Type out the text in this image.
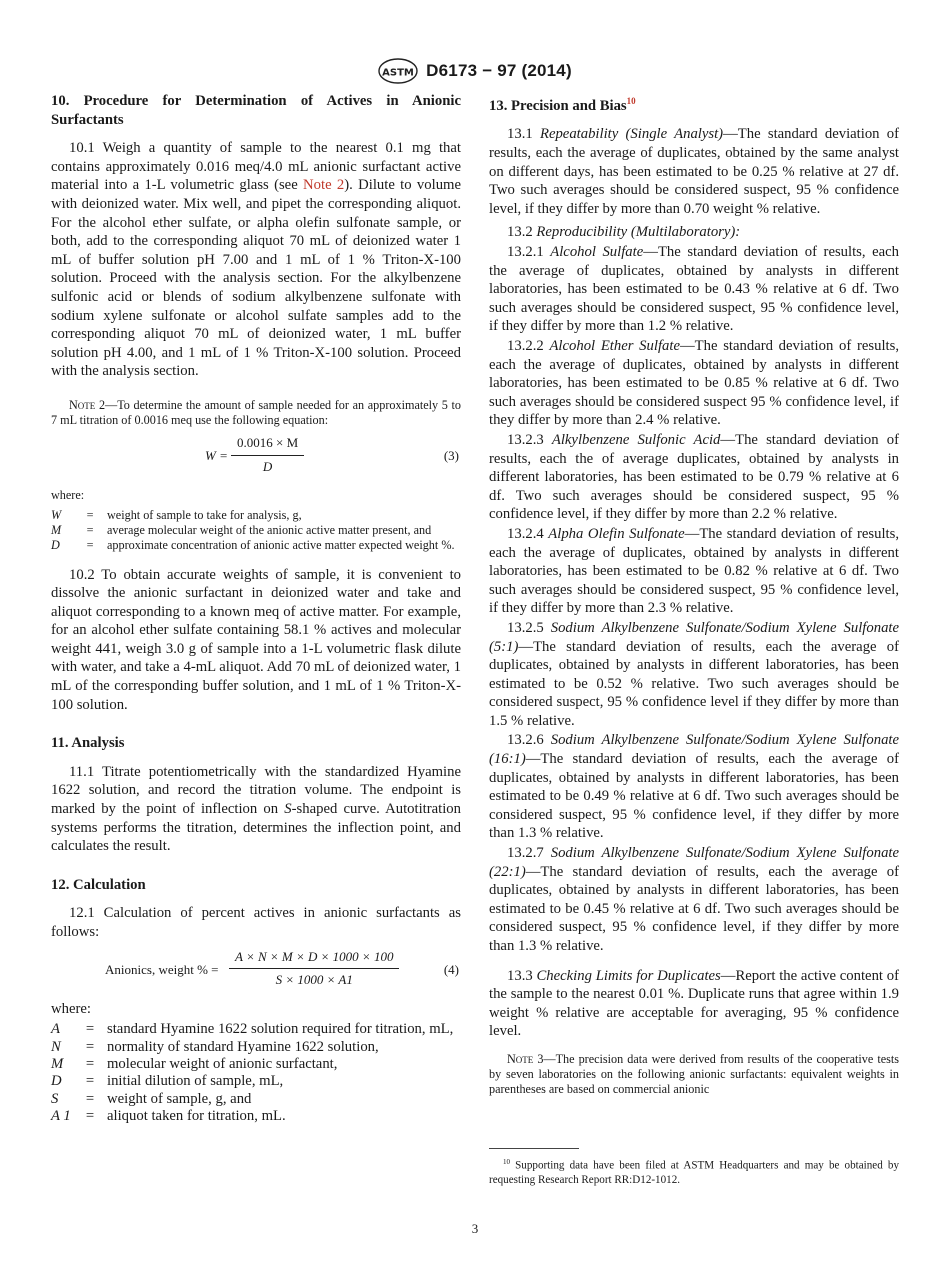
ASTM D6173 − 97 (2014)
10. Procedure for Determination of Actives in Anionic Surfactants

10.1 Weigh a quantity of sample to the nearest 0.1 mg that contains approximately 0.016 meq/4.0 mL anionic surfactant active material into a 1-L volumetric glass (see Note 2). Dilute to volume with deionized water. Mix well, and pipet the corresponding aliquot. For the alcohol ether sulfate, or alpha olefin sulfonate sample, or both, add to the corresponding aliquot 70 mL of deionized water 1 mL of buffer solution pH 7.00 and 1 mL of 1 % Triton-X-100 solution. Proceed with the analysis section. For the alkylbenzene sulfonic acid or blends of sodium alkylbenzene sulfonate with sodium xylene sulfonate or alcohol sulfate samples add to the corresponding aliquot 70 mL of deionized water, 1 mL buffer solution pH 4.00, and 1 mL of 1 % Triton-X-100 solution. Proceed with the analysis section.

Note 2—To determine the amount of sample needed for an approximately 5 to 7 mL titration of 0.0016 meq use the following equation:

$W = \frac{0.0016 \times M}{D}$	(3)
where:
W	=	weight of sample to take for analysis, g,
M	=	average molecular weight of the anionic active matter present, and
D	=	approximate concentration of anionic active matter expected weight %.

10.2 To obtain accurate weights of sample, it is convenient to dissolve the anionic surfactant in deionized water and take and aliquot corresponding to a known meq of active matter. For example, for an alcohol ether sulfate containing 58.1 % actives and molecular weight 441, weigh 3.0 g of sample into a 1-L volumetric flask dilute with water, and take a 4-mL aliquot. Add 70 mL of deionized water, 1 mL of the corresponding buffer solution, and 1 mL of 1 % Triton-X-100 solution.

11. Analysis

11.1 Titrate potentiometrically with the standardized Hyamine 1622 solution, and record the titration volume. The endpoint is marked by the point of inflection on S-shaped curve. Autotitration systems performs the titration, determines the inflection point, and calculates the result.

12. Calculation

12.1 Calculation of percent actives in anionic surfactants as follows:

Anionics, weight % = $\frac{A \times N \times M \times D \times 1000 \times 100}{S \times 1000 \times A1}$	(4)
where:
A	=	standard Hyamine 1622 solution required for titration, mL,
N	=	normality of standard Hyamine 1622 solution,
M	=	molecular weight of anionic surfactant,
D	=	initial dilution of sample, mL,
S	=	weight of sample, g, and
A 1	=	aliquot taken for titration, mL.
13. Precision and Bias$^{10}$

13.1 Repeatability (Single Analyst)—The standard deviation of results, each the average of duplicates, obtained by the same analyst on different days, has been estimated to be 0.25 % relative at 27 df. Two such averages should be considered suspect, 95 % confidence level, if they differ by more than 0.70 weight % relative.

13.2 Reproducibility (Multilaboratory):

13.2.1 Alcohol Sulfate—The standard deviation of results, each the average of duplicates, obtained by analysts in different laboratories, has been estimated to be 0.43 % relative at 6 df. Two such averages should be considered suspect, 95 % confidence level, if they differ by more than 1.2 % relative.

13.2.2 Alcohol Ether Sulfate—The standard deviation of results, each the average of duplicates, obtained by analysts in different laboratories, has been estimated to be 0.85 % relative at 6 df. Two such averages should be considered suspect 95 % confidence level, if they differ by more than 2.4 % relative.

13.2.3 Alkylbenzene Sulfonic Acid—The standard deviation of results, each the of average duplicates, obtained by analysts in different laboratories, has been estimated to be 0.79 % relative at 6 df. Two such averages should be considered suspect, 95 % confidence level, if they differ by more than 2.2 % relative.

13.2.4 Alpha Olefin Sulfonate—The standard deviation of results, each the average of duplicates, obtained by analysts in different laboratories, has been estimated to be 0.82 % relative at 6 df. Two such averages should be considered suspect, 95 % confidence level, if they differ by more than 2.3 % relative.

13.2.5 Sodium Alkylbenzene Sulfonate/Sodium Xylene Sulfonate (5:1)—The standard deviation of results, each the average of duplicates, obtained by analysts in different laboratories, has been estimated to be 0.52 % relative. Two such averages should be considered suspect, 95 % confidence level if they differ by more than 1.5 % relative.

13.2.6 Sodium Alkylbenzene Sulfonate/Sodium Xylene Sulfonate (16:1)—The standard deviation of results, each the average of duplicates, obtained by analysts in different laboratories, has been estimated to be 0.49 % relative at 6 df. Two such averages should be considered suspect, 95 % confidence level, if they differ by more than 1.3 % relative.

13.2.7 Sodium Alkylbenzene Sulfonate/Sodium Xylene Sulfonate (22:1)—The standard deviation of results, each the average of duplicates, obtained by analysts in different laboratories, has been estimated to be 0.45 % relative at 6 df. Two such averages should be considered suspect, 95 % confidence level, if they differ by more than 1.3 % relative.

13.3 Checking Limits for Duplicates—Report the active content of the sample to the nearest 0.01 %. Duplicate runs that agree within 1.9 weight % relative are acceptable for averaging, 95 % confidence level.

Note 3—The precision data were derived from results of the cooperative tests by seven laboratories on the following anionic surfactants: equivalent weights in parentheses are based on commercial anionic

$^{10}$ Supporting data have been filed at ASTM Headquarters and may be obtained by requesting Research Report RR:D12-1012.

3
